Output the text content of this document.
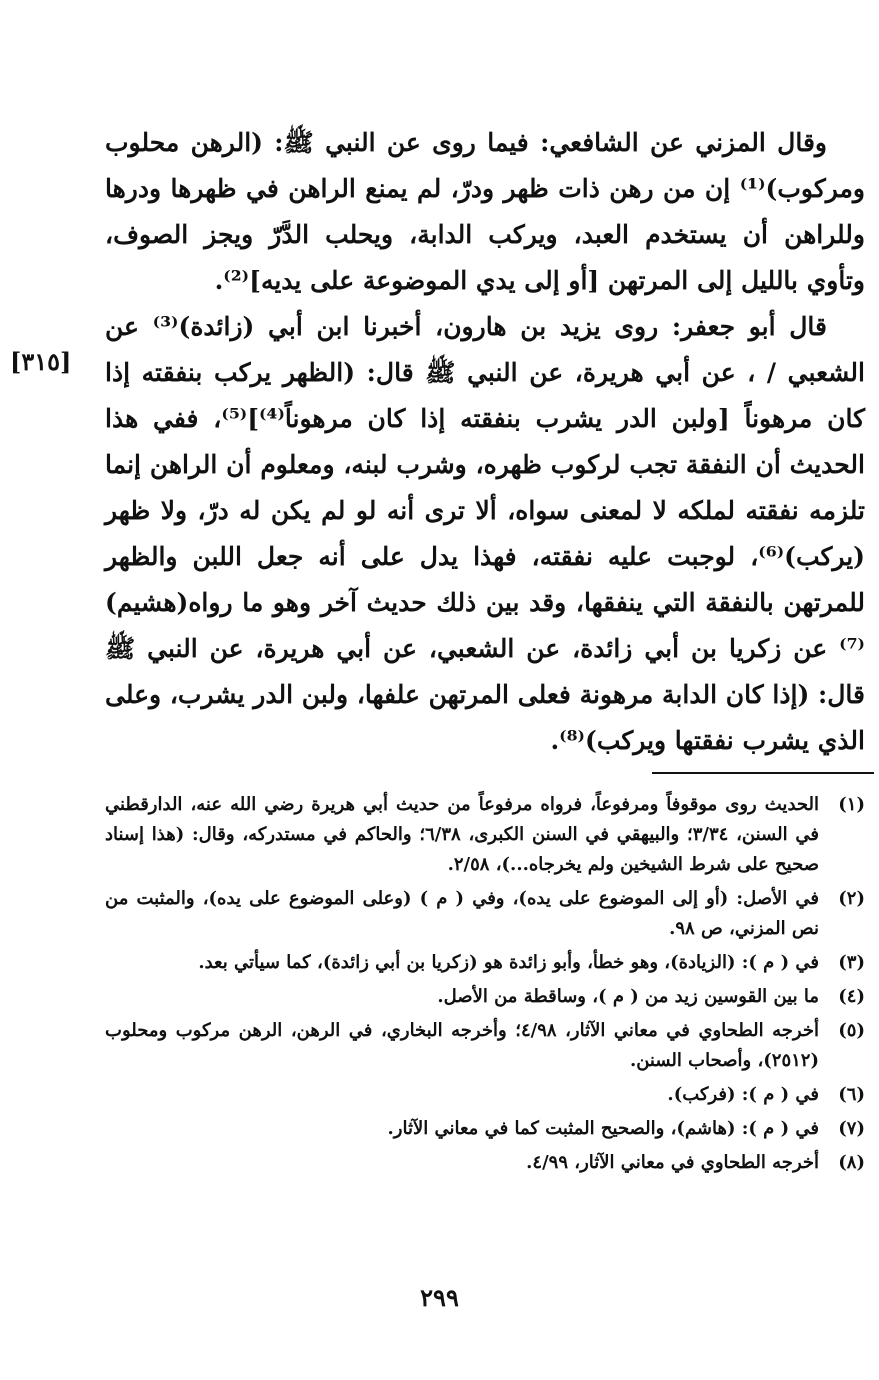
وقال المزني عن الشافعي: فيما روى عن النبي ﷺ: (الرهن محلوب ومركوب)⁽¹⁾ إن من رهن ذات ظهر ودرّ، لم يمنع الراهن في ظهرها ودرها وللراهن أن يستخدم العبد، ويركب الدابة، ويحلب الدَّرّ ويجز الصوف، وتأوي بالليل إلى المرتهن [أو إلى يدي الموضوعة على يديه]⁽²⁾.

قال أبو جعفر: روى يزيد بن هارون، أخبرنا ابن أبي (زائدة)⁽³⁾ عن الشعبي / ، عن أبي هريرة، عن النبي ﷺ قال: (الظهر يركب بنفقته إذا كان مرهوناً [ولبن الدر يشرب بنفقته إذا كان مرهوناً⁽⁴⁾]⁽⁵⁾، ففي هذا الحديث أن النفقة تجب لركوب ظهره، وشرب لبنه، ومعلوم أن الراهن إنما تلزمه نفقته لملكه لا لمعنى سواه، ألا ترى أنه لو لم يكن له درّ، ولا ظهر (يركب)⁽⁶⁾، لوجبت عليه نفقته، فهذا يدل على أنه جعل اللبن والظهر للمرتهن بالنفقة التي ينفقها، وقد بين ذلك حديث آخر وهو ما رواه(هشيم)⁽⁷⁾ عن زكريا بن أبي زائدة، عن الشعبي، عن أبي هريرة، عن النبي ﷺ قال: (إذا كان الدابة مرهونة فعلى المرتهن علفها، ولبن الدر يشرب، وعلى الذي يشرب نفقتها ويركب)⁽⁸⁾.

[٣١٥]
(١)
الحديث روى موقوفاً ومرفوعاً، فرواه مرفوعاً من حديث أبي هريرة رضي الله عنه، الدارقطني في السنن، ٣/٣٤؛ والبيهقي في السنن الكبرى، ٦/٣٨؛ والحاكم في مستدركه، وقال: (هذا إسناد صحيح على شرط الشيخين ولم يخرجاه...)، ٢/٥٨.
(٢)
في الأصل: (أو إلى الموضوع على يده)، وفي ( م ) (وعلى الموضوع على يده)، والمثبت من نص المزني، ص ٩٨.
(٣)
في ( م ): (الزيادة)، وهو خطأ، وأبو زائدة هو (زكريا بن أبي زائدة)، كما سيأتي بعد.
(٤)
ما بين القوسين زيد من ( م )، وساقطة من الأصل.
(٥)
أخرجه الطحاوي في معاني الآثار، ٤/٩٨؛ وأخرجه البخاري، في الرهن، الرهن مركوب ومحلوب (٢٥١٢)، وأصحاب السنن.
(٦)
في ( م ): (فركب).
(٧)
في ( م ): (هاشم)، والصحيح المثبت كما في معاني الآثار.
(٨)
أخرجه الطحاوي في معاني الآثار، ٤/٩٩.
٢٩٩
